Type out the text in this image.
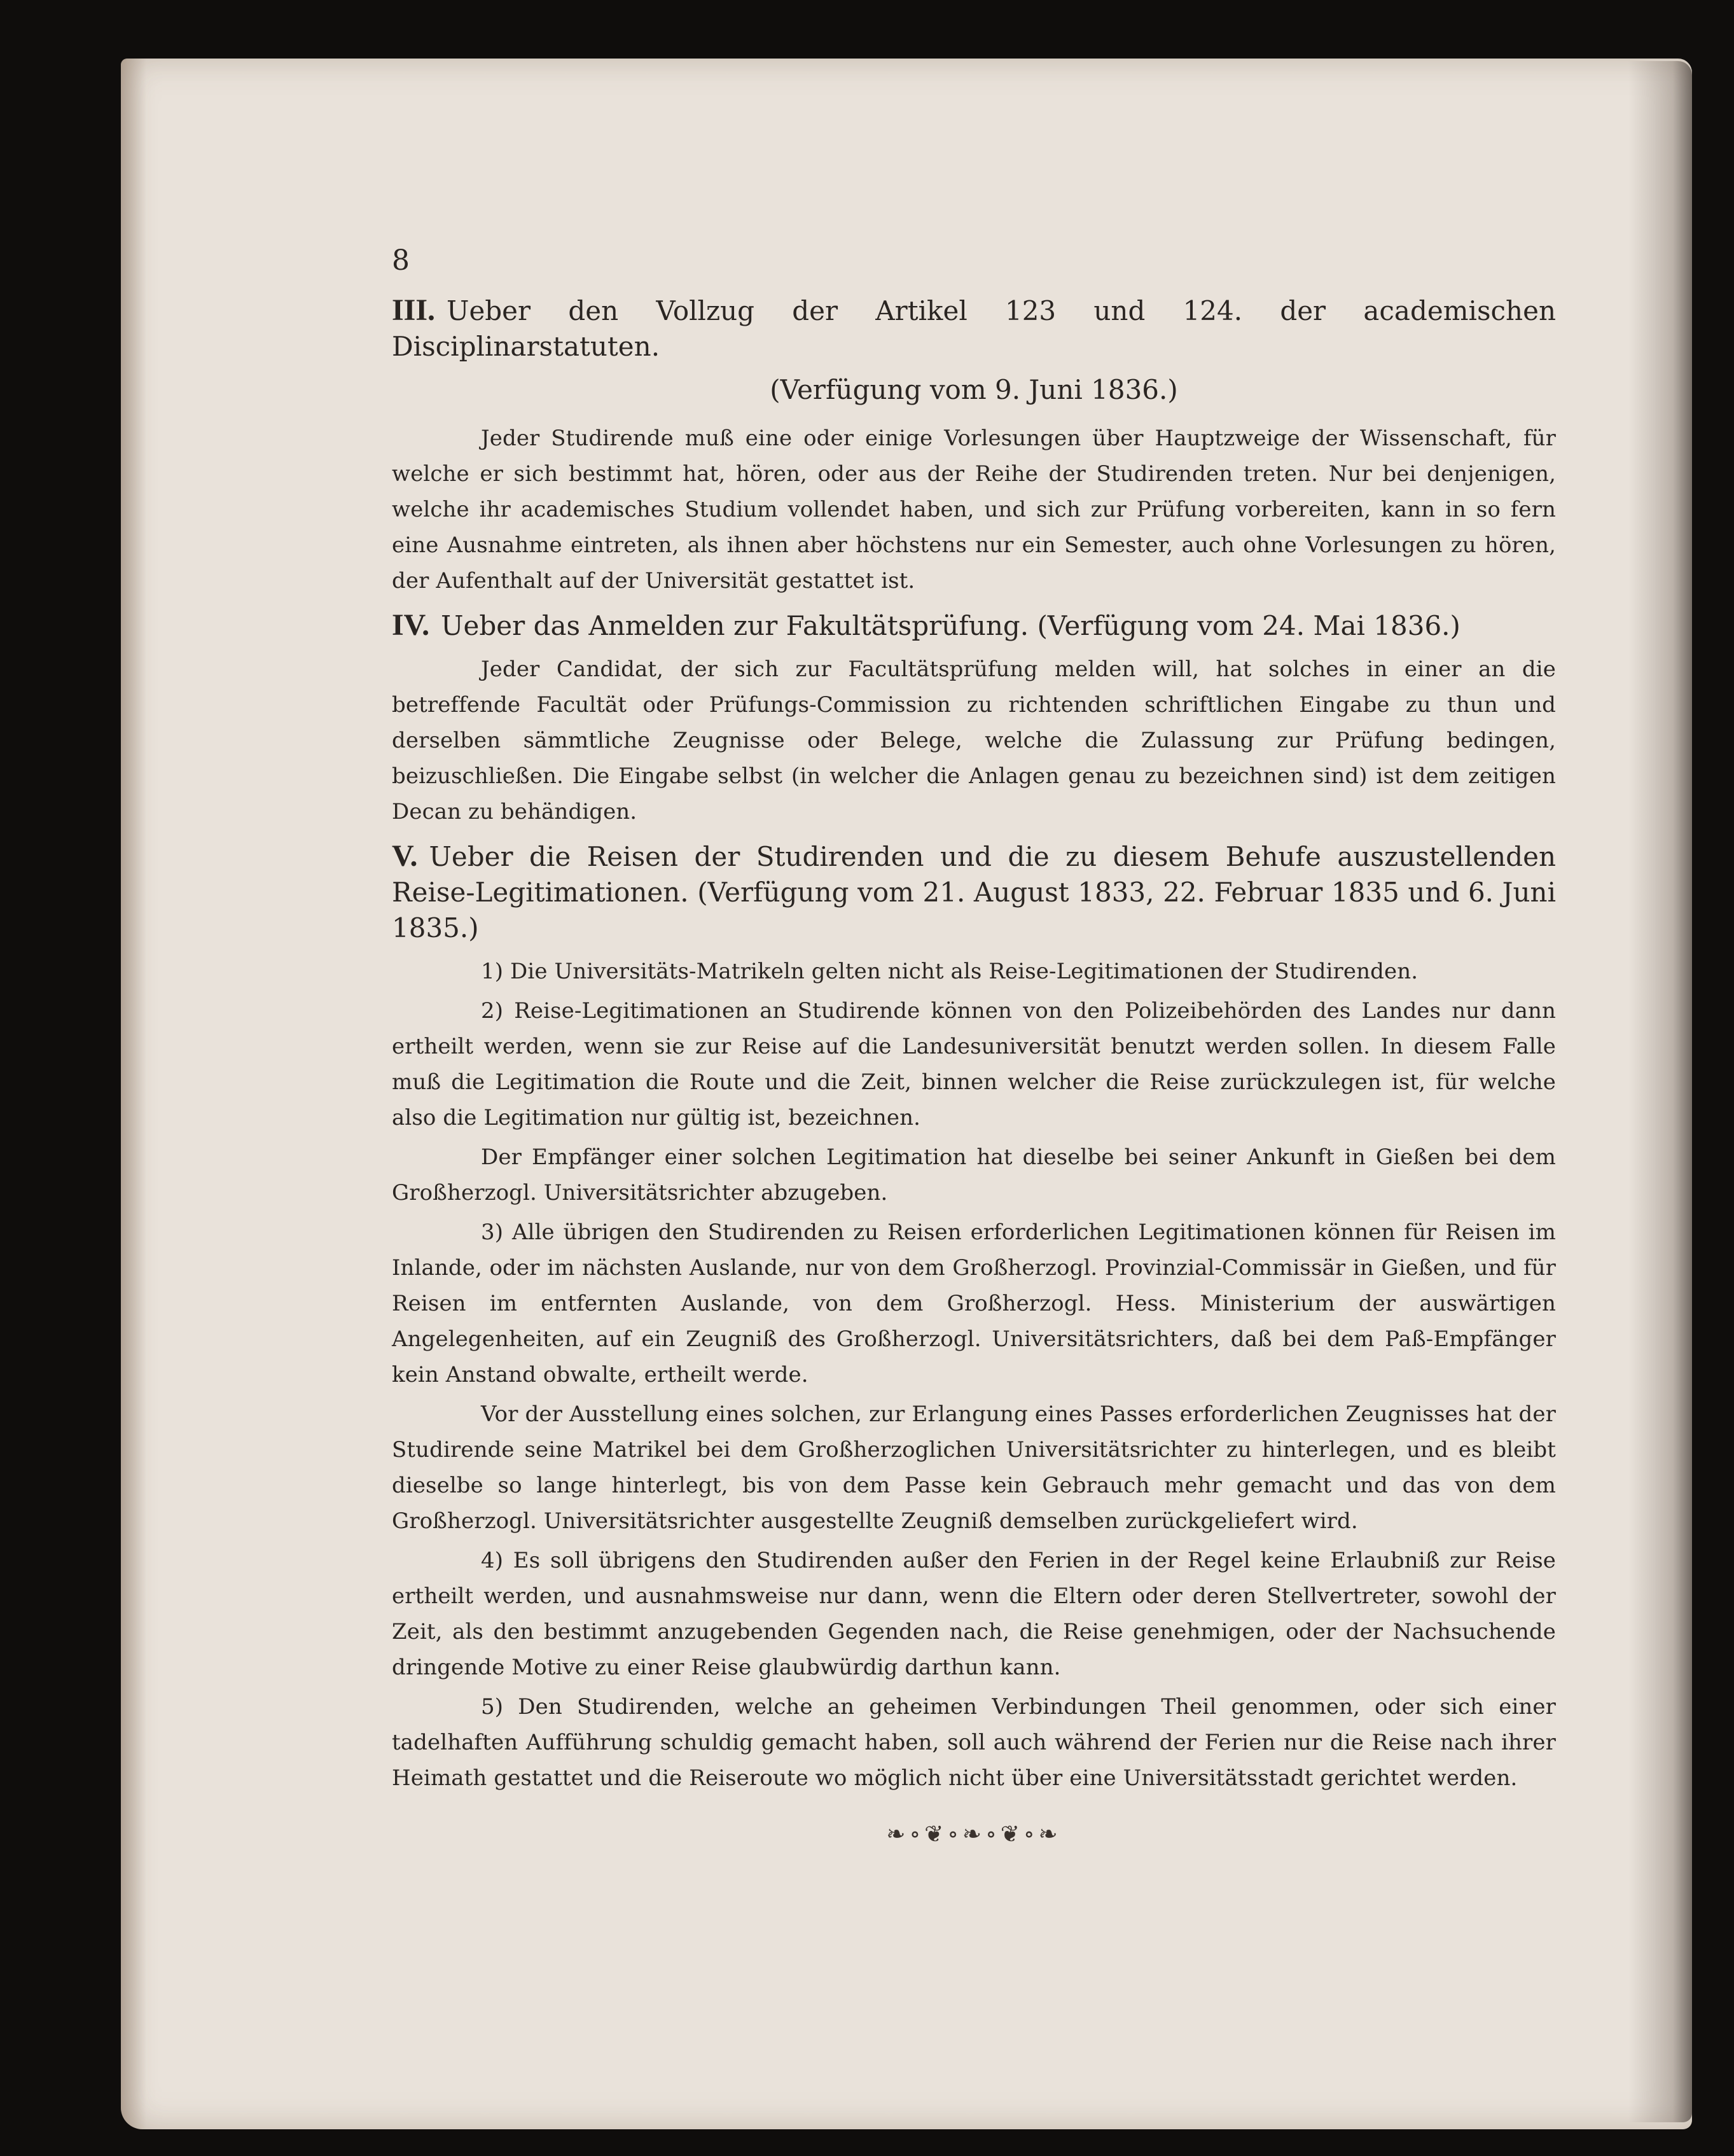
8
III. Ueber den Vollzug der Artikel 123 und 124. der academischen Disciplinarstatuten.
(Verfügung vom 9. Juni 1836.)

Jeder Studirende muß eine oder einige Vorlesungen über Hauptzweige der Wissenschaft, für welche er sich bestimmt hat, hören, oder aus der Reihe der Studirenden treten. Nur bei denjenigen, welche ihr academisches Studium vollendet haben, und sich zur Prüfung vorbereiten, kann in so fern eine Ausnahme eintreten, als ihnen aber höchstens nur ein Semester, auch ohne Vorlesungen zu hören, der Aufenthalt auf der Universität gestattet ist.

IV. Ueber das Anmelden zur Fakultätsprüfung. (Verfügung vom 24. Mai 1836.)

Jeder Candidat, der sich zur Facultätsprüfung melden will, hat solches in einer an die betreffende Facultät oder Prüfungs-Commission zu richtenden schriftlichen Eingabe zu thun und derselben sämmtliche Zeugnisse oder Belege, welche die Zulassung zur Prüfung bedingen, beizuschließen. Die Eingabe selbst (in welcher die Anlagen genau zu bezeichnen sind) ist dem zeitigen Decan zu behändigen.

V. Ueber die Reisen der Studirenden und die zu diesem Behufe auszustellenden Reise-Legitimationen. (Verfügung vom 21. August 1833, 22. Februar 1835 und 6. Juni 1835.)

1) Die Universitäts-Matrikeln gelten nicht als Reise-Legitimationen der Studirenden.

2) Reise-Legitimationen an Studirende können von den Polizeibehörden des Landes nur dann ertheilt werden, wenn sie zur Reise auf die Landesuniversität benutzt werden sollen. In diesem Falle muß die Legitimation die Route und die Zeit, binnen welcher die Reise zurückzulegen ist, für welche also die Legitimation nur gültig ist, bezeichnen.

Der Empfänger einer solchen Legitimation hat dieselbe bei seiner Ankunft in Gießen bei dem Großherzogl. Universitätsrichter abzugeben.

3) Alle übrigen den Studirenden zu Reisen erforderlichen Legitimationen können für Reisen im Inlande, oder im nächsten Auslande, nur von dem Großherzogl. Provinzial-Commissär in Gießen, und für Reisen im entfernten Auslande, von dem Großherzogl. Hess. Ministerium der auswärtigen Angelegenheiten, auf ein Zeugniß des Großherzogl. Universitätsrichters, daß bei dem Paß-Empfänger kein Anstand obwalte, ertheilt werde.

Vor der Ausstellung eines solchen, zur Erlangung eines Passes erforderlichen Zeugnisses hat der Studirende seine Matrikel bei dem Großherzoglichen Universitätsrichter zu hinterlegen, und es bleibt dieselbe so lange hinterlegt, bis von dem Passe kein Gebrauch mehr gemacht und das von dem Großherzogl. Universitätsrichter ausgestellte Zeugniß demselben zurückgeliefert wird.

4) Es soll übrigens den Studirenden außer den Ferien in der Regel keine Erlaubniß zur Reise ertheilt werden, und ausnahmsweise nur dann, wenn die Eltern oder deren Stellvertreter, sowohl der Zeit, als den bestimmt anzugebenden Gegenden nach, die Reise genehmigen, oder der Nachsuchende dringende Motive zu einer Reise glaubwürdig darthun kann.

5) Den Studirenden, welche an geheimen Verbindungen Theil genommen, oder sich einer tadelhaften Aufführung schuldig gemacht haben, soll auch während der Ferien nur die Reise nach ihrer Heimath gestattet und die Reiseroute wo möglich nicht über eine Universitätsstadt gerichtet werden.

❧∘❦∘❧∘❦∘❧
